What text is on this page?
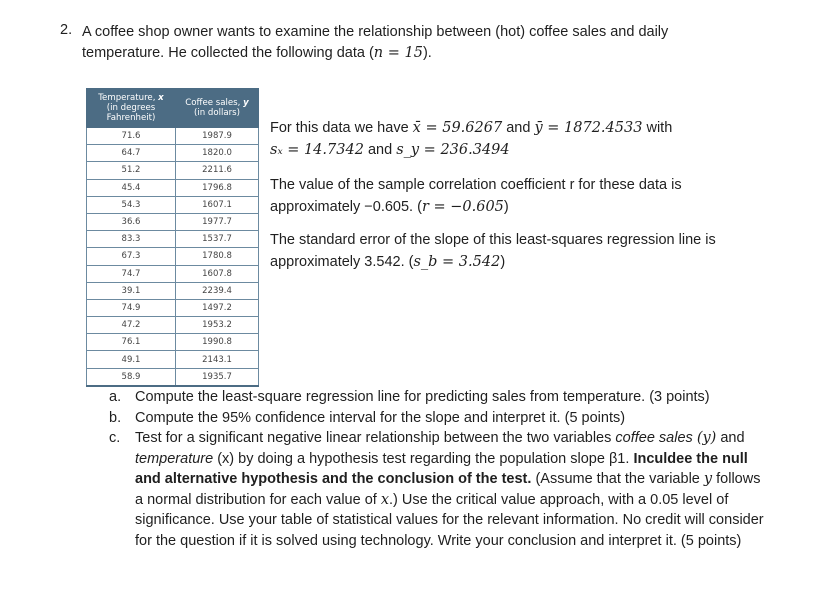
2. A coffee shop owner wants to examine the relationship between (hot) coffee sales and daily
temperature. He collected the following data (n = 15).
Temperature, x
(in degrees Fahrenheit)	Coffee sales, y
(in dollars)
71.6	1987.9
64.7	1820.0
51.2	2211.6
45.4	1796.8
54.3	1607.1
36.6	1977.7
83.3	1537.7
67.3	1780.8
74.7	1607.8
39.1	2239.4
74.9	1497.2
47.2	1953.2
76.1	1990.8
49.1	2143.1
58.9	1935.7
For this data we have x̄ = 59.6267 and ȳ = 1872.4533 with
sₓ = 14.7342 and s_y = 236.3494
The value of the sample correlation coefficient r for these data is
approximately −0.605. (r = −0.605)
The standard error of the slope of this least-squares regression line is
approximately 3.542. (s_b = 3.542)
a. Compute the least-square regression line for predicting sales from temperature. (3 points)
b. Compute the 95% confidence interval for the slope and interpret it. (5 points)
c.	Test for a significant negative linear relationship between the two variables coffee sales (y) and temperature (x) by doing a hypothesis test regarding the population slope β1. Inculdee the null and alternative hypothesis and the conclusion of the test. (Assume that the variable y follows a normal distribution for each value of x.) Use the critical value approach, with a 0.05 level of significance. Use your table of statistical values for the relevant information. No credit will consider for the question if it is solved using technology. Write your conclusion and interpret it. (5 points)
